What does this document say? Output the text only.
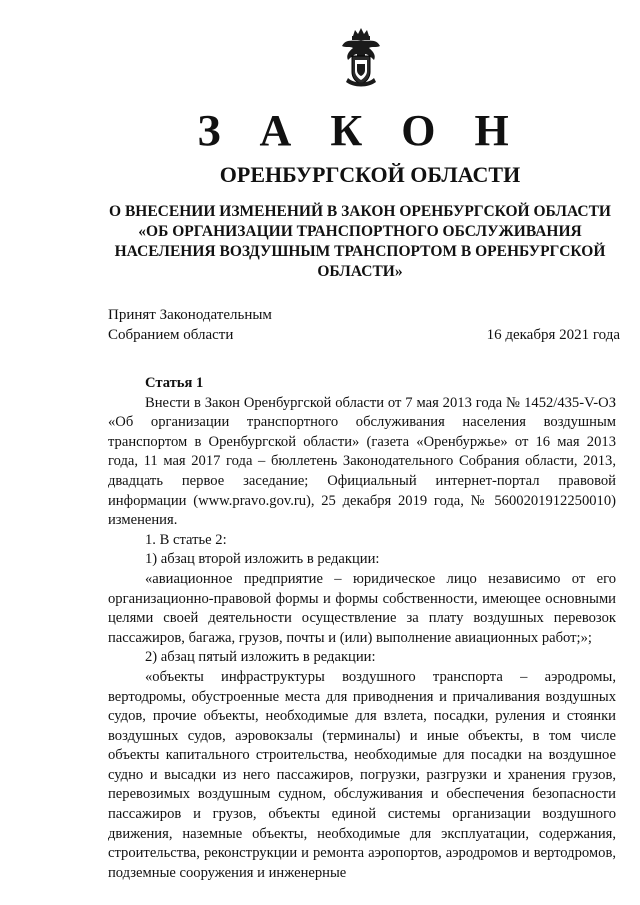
З А К О Н
ОРЕНБУРГСКОЙ ОБЛАСТИ
О ВНЕСЕНИИ ИЗМЕНЕНИЙ В ЗАКОН ОРЕНБУРГСКОЙ ОБЛАСТИ «ОБ ОРГАНИЗАЦИИ ТРАНСПОРТНОГО ОБСЛУЖИВАНИЯ НАСЕЛЕНИЯ ВОЗДУШНЫМ ТРАНСПОРТОМ В ОРЕНБУРГСКОЙ ОБЛАСТИ»
Принят Законодательным
Собранием области	16 декабря 2021 года

Статья 1

Внести в Закон Оренбургской области от 7 мая 2013 года № 1452/435-V-ОЗ «Об организации транспортного обслуживания населения воздушным транспортом в Оренбургской области» (газета «Оренбуржье» от 16 мая 2013 года, 11 мая 2017 года – бюллетень Законодательного Собрания области, 2013, двадцать первое заседание; Официальный интернет-портал правовой информации (www.pravo.gov.ru), 25 декабря 2019 года, № 5600201912250010) изменения.

1. В статье 2:

1) абзац второй изложить в редакции:

«авиационное предприятие – юридическое лицо независимо от его организационно-правовой формы и формы собственности, имеющее основными целями своей деятельности осуществление за плату воздушных перевозок пассажиров, багажа, грузов, почты и (или) выполнение авиационных работ;»;

2) абзац пятый изложить в редакции:

«объекты инфраструктуры воздушного транспорта – аэродромы, вертодромы, обустроенные места для приводнения и причаливания воздушных судов, прочие объекты, необходимые для взлета, посадки, руления и стоянки воздушных судов, аэровокзалы (терминалы) и иные объекты, в том числе объекты капитального строительства, необходимые для посадки на воздушное судно и высадки из него пассажиров, погрузки, разгрузки и хранения грузов, перевозимых воздушным судном, обслуживания и обеспечения безопасности пассажиров и грузов, объекты единой системы организации воздушного движения, наземные объекты, необходимые для эксплуатации, содержания, строительства, реконструкции и ремонта аэропортов, аэродромов и вертодромов, подземные сооружения и инженерные
